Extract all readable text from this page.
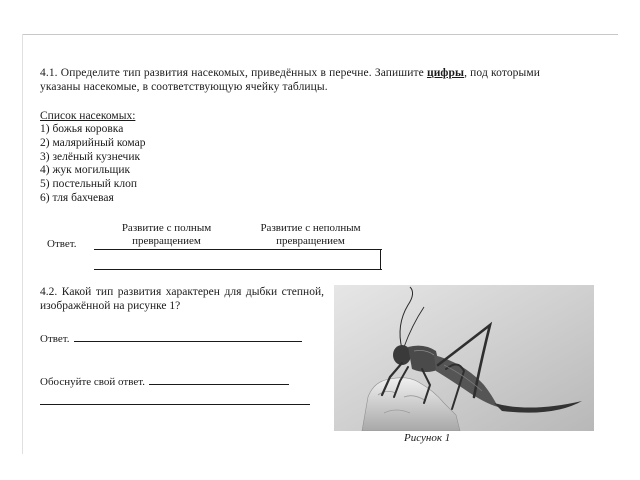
4.1. Определите тип развития насекомых, приведённых в перечне. Запишите цифры, под которыми указаны насекомые, в соответствующую ячейку таблицы.
Список насекомых:
1) божья коровка
2) малярийный комар
3) зелёный кузнечик
4) жук могильщик
5) постельный клоп
6) тля бахчевая
Ответ.
Развитие с полным
превращением
Развитие с неполным
превращением
4.2. Какой тип развития характерен для дыбки степной, изображённой на рисунке 1?
Ответ.
Обоснуйте свой ответ.
Рисунок 1
